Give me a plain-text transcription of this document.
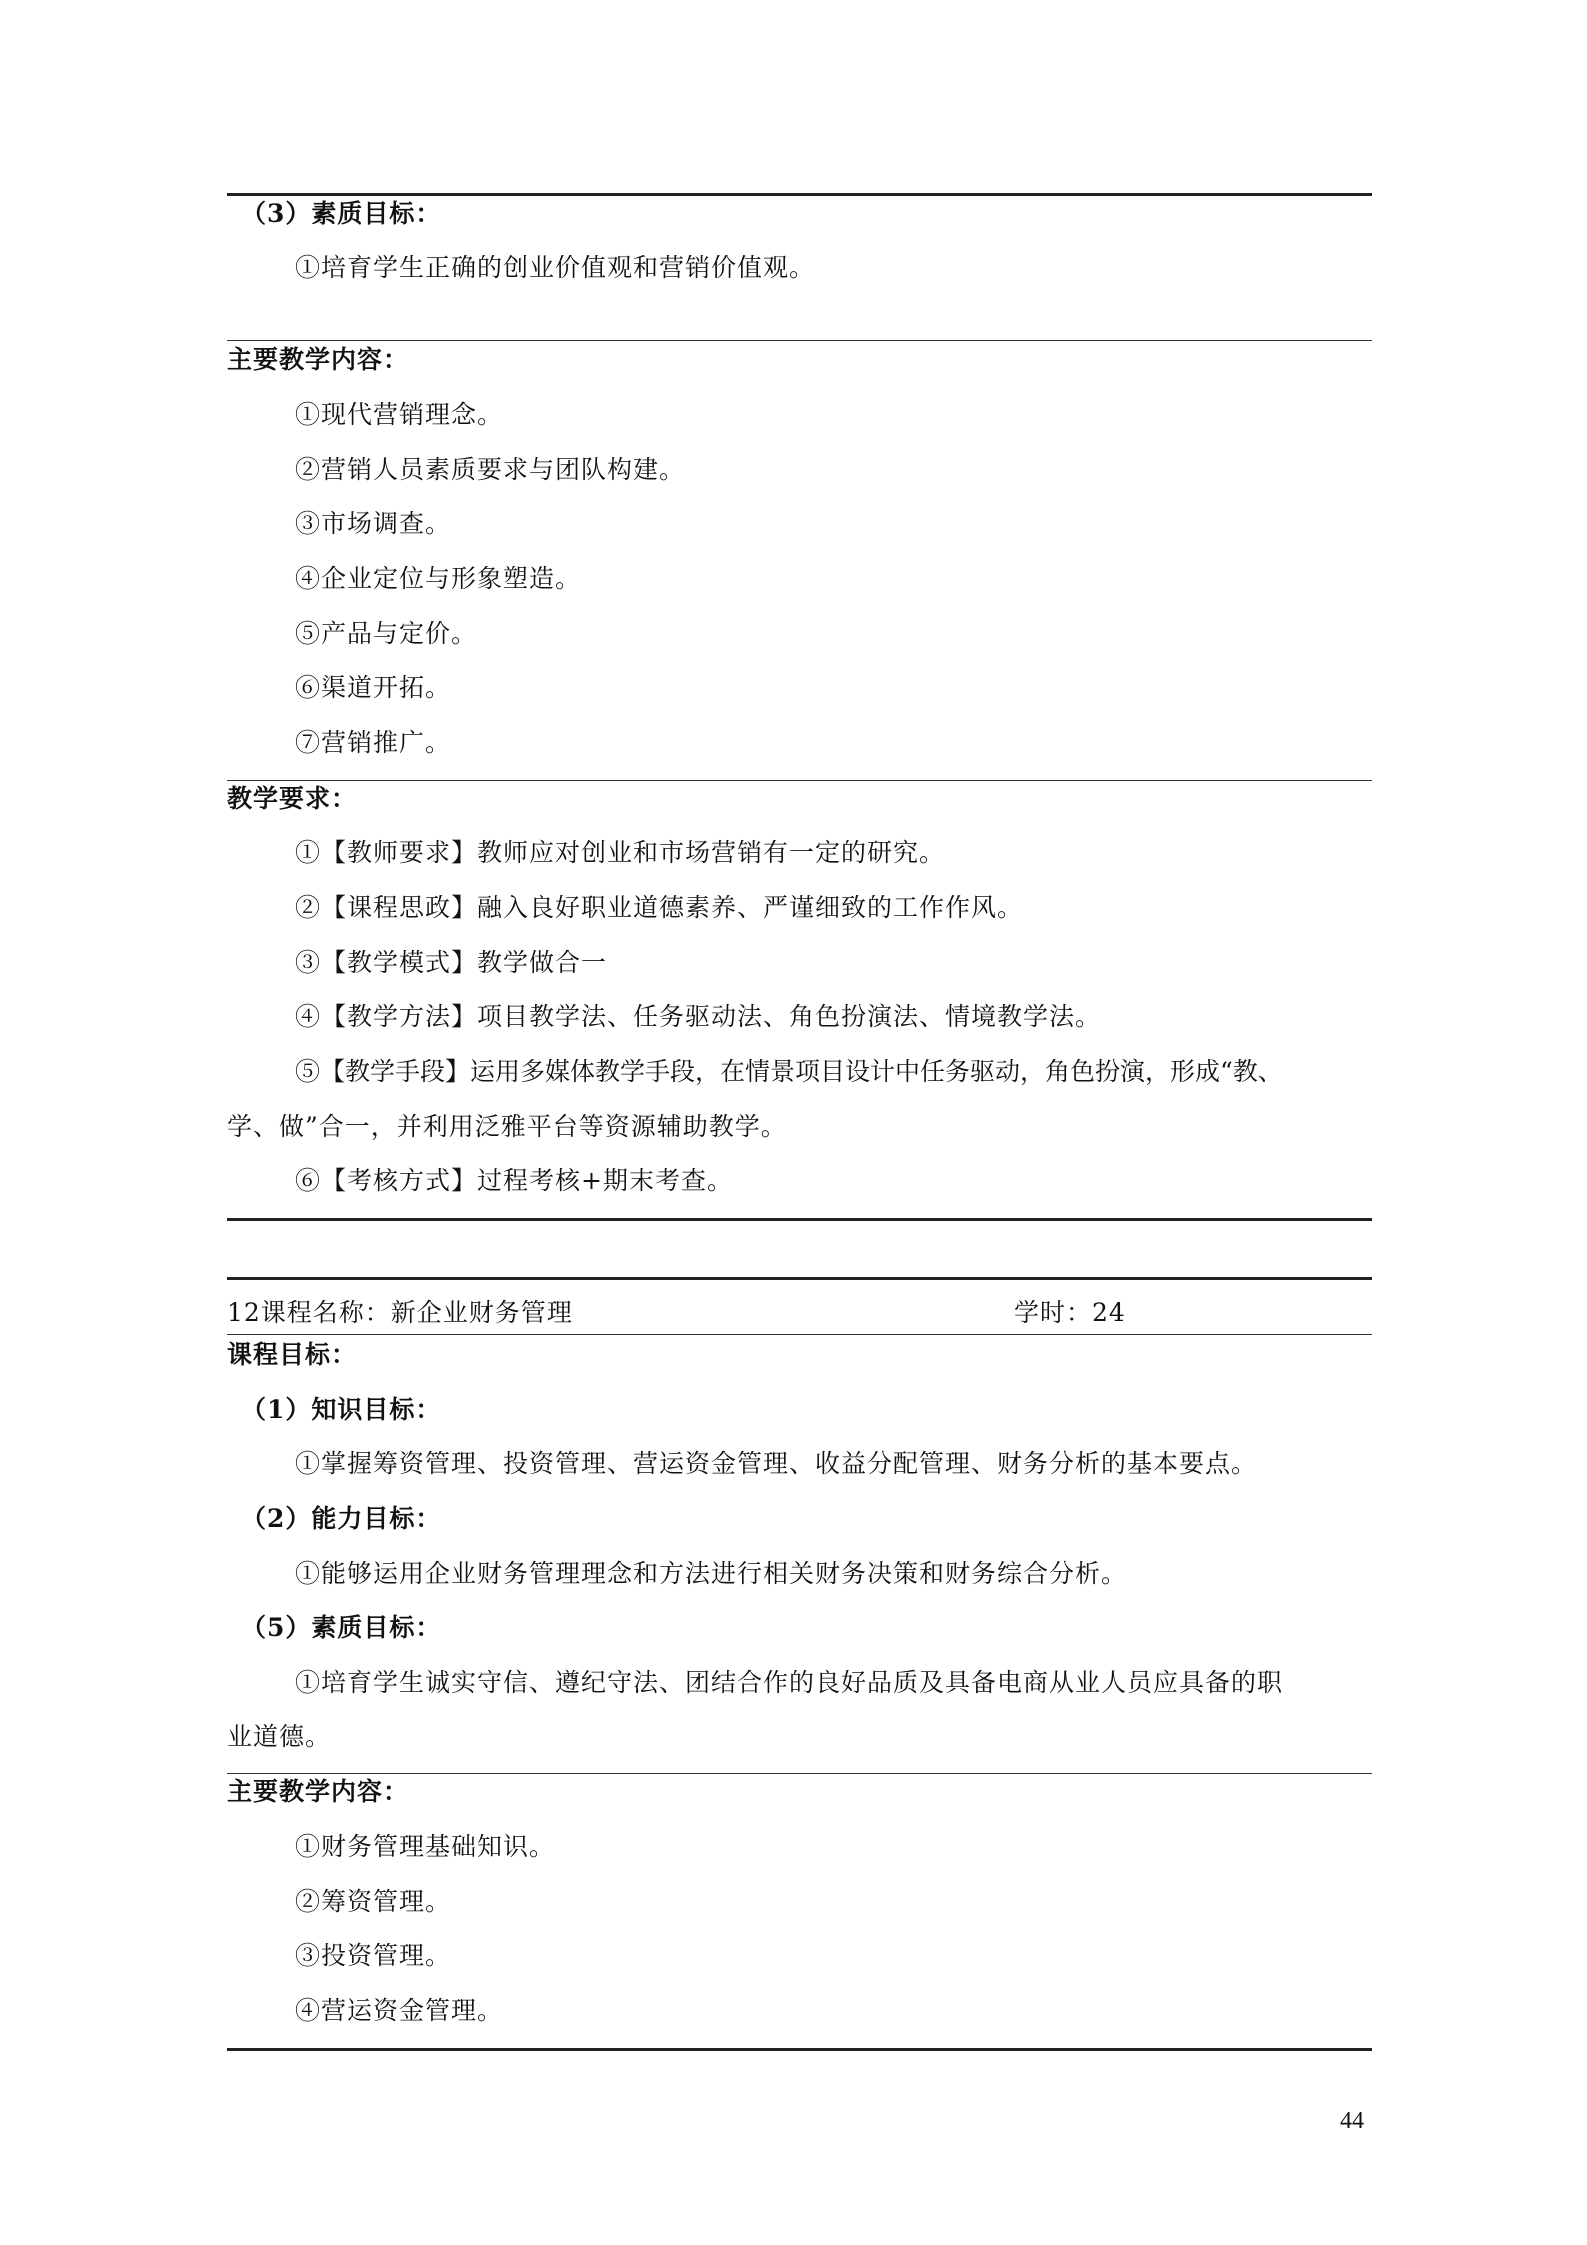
（3）素质目标：
①培育学生正确的创业价值观和营销价值观。
主要教学内容：
①现代营销理念。
②营销人员素质要求与团队构建。
③市场调查。
④企业定位与形象塑造。
⑤产品与定价。
⑥渠道开拓。
⑦营销推广。
教学要求：
①【教师要求】教师应对创业和市场营销有一定的研究。
②【课程思政】融入良好职业道德素养、严谨细致的工作作风。
③【教学模式】教学做合一
④【教学方法】项目教学法、任务驱动法、角色扮演法、情境教学法。
⑤【教学手段】运用多媒体教学手段，在情景项目设计中任务驱动，角色扮演，形成“教、
学、做”合一，并利用泛雅平台等资源辅助教学。
⑥【考核方式】过程考核+期末考查。
12课程名称：新企业财务管理	学时：24
课程目标：
（1）知识目标：
①掌握筹资管理、投资管理、营运资金管理、收益分配管理、财务分析的基本要点。
（2）能力目标：
①能够运用企业财务管理理念和方法进行相关财务决策和财务综合分析。
（5）素质目标：
①培育学生诚实守信、遵纪守法、团结合作的良好品质及具备电商从业人员应具备的职
业道德。
主要教学内容：
①财务管理基础知识。
②筹资管理。
③投资管理。
④营运资金管理。
44
